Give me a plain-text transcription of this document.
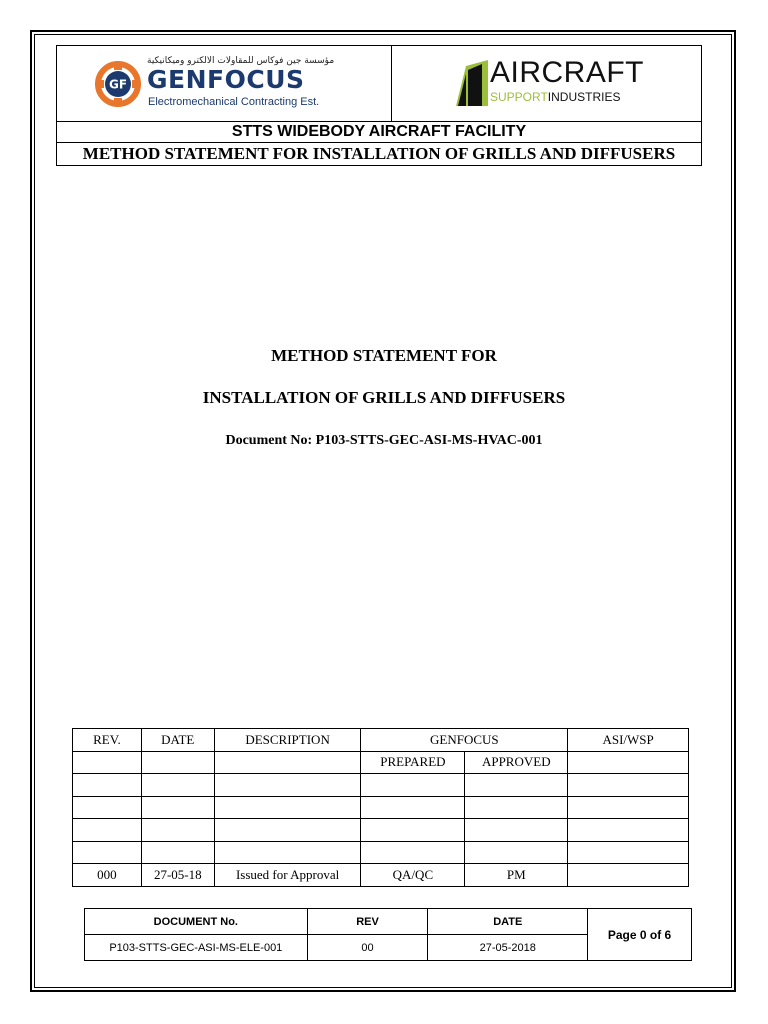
GF
مؤسسة جين فوكاس للمقاولات الالكترو وميكانيكية
GENFOCUS
Electromechanical Contracting Est.
AIRCRAFT
SUPPORTINDUSTRIES
STTS WIDEBODY AIRCRAFT FACILITY
METHOD STATEMENT FOR INSTALLATION OF GRILLS AND DIFFUSERS
METHOD STATEMENT FOR
INSTALLATION OF GRILLS AND DIFFUSERS
Document No: P103-STTS-GEC-ASI-MS-HVAC-001
REV.	DATE	DESCRIPTION	GENFOCUS		ASI/WSP
			PREPARED	APPROVED	

000	27-05-18	Issued for Approval	QA/QC	PM	
DOCUMENT No.	REV	DATE	Page 0 of 6
P103-STTS-GEC-ASI-MS-ELE-001	00	27-05-2018	
